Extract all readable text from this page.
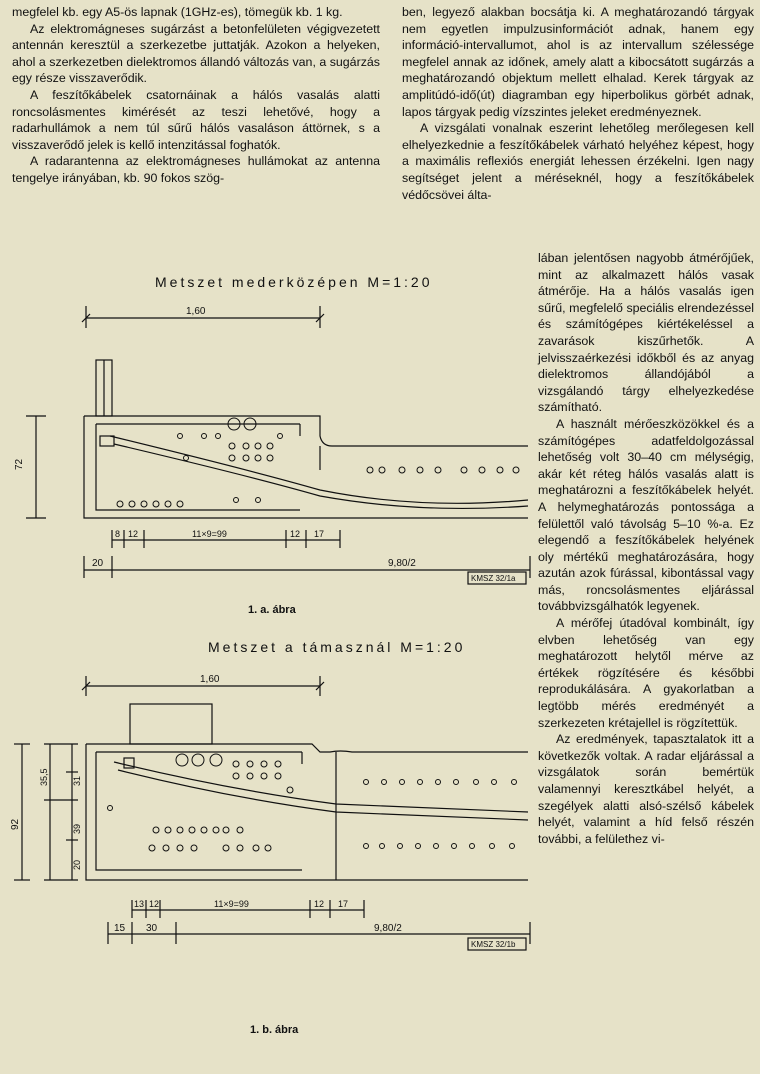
megfelel kb. egy A5-ös lapnak (1GHz-es), tömegük kb. 1 kg.

Az elektromágneses sugárzást a betonfelületen végigvezetett antennán keresztül a szerkezetbe juttatják. Azokon a helyeken, ahol a szerkezetben dielektromos állandó változás van, a sugárzás egy része visszaverődik.

A feszítőkábelek csatornáinak a hálós vasalás alatti roncsolásmentes kimérését az teszi lehetővé, hogy a radarhullámok a nem túl sűrű hálós vasaláson áttörnek, s a visszaverődő jelek is kellő intenzitással foghatók.

A radarantenna az elektromágneses hullámokat az antenna tengelye irányában, kb. 90 fokos szög-

ben, legyező alakban bocsátja ki. A meghatározandó tárgyak nem egyetlen impulzusinformációt adnak, hanem egy információ-intervallumot, ahol is az intervallum szélessége megfelel annak az időnek, amely alatt a kibocsátott sugárzás a meghatározandó objektum mellett elhalad. Kerek tárgyak az amplitúdó-idő(út) diagramban egy hiperbolikus görbét adnak, lapos tárgyak pedig vízszintes jeleket eredményeznek.

A vizsgálati vonalnak eszerint lehetőleg merőlegesen kell elhelyezkednie a feszítőkábelek várható helyéhez képest, hogy a maximális reflexiós energiát lehessen érzékelni. Igen nagy segítséget jelent a méréseknél, hogy a feszítőkábelek védőcsövei álta-

lában jelentősen nagyobb átmérőjűek, mint az alkalmazett hálós vasak átmérője. Ha a hálós vasalás igen sűrű, megfelelő speciális elrendezéssel és számítógépes kiértékeléssel a zavarások kiszűrhetők. A jelvisszaérkezési időkből és az anyag dielektromos állandójából a vizsgálandó tárgy elhelyezkedése számítható.

A használt mérőeszközökkel és a számítógépes adatfeldolgozással lehetőség volt 30–40 cm mélységig, akár két réteg hálós vasalás alatt is meghatározni a feszítőkábelek helyét. A helymeghatározás pontossága a felülettől való távolság 5–10 %-a. Ez elegendő a feszítőkábelek helyének oly mértékű meghatározására, hogy azután azok fúrással, kibontással vagy más, roncsolásmentes eljárással továbbvizsgálhatók legyenek.

A mérőfej útadóval kombinált, így elvben lehetőség van egy meghatározott helytől mérve az értékek rögzítésére és későbbi reprodukálására. A gyakorlatban a legtöbb mérés eredményét a szerkezeten krétajellel is rögzítettük.

Az eredmények, tapasztalatok itt a következők voltak. A radar eljárással a vizsgálatok során bemértük valamennyi keresztkábel helyét, a szegélyek alatti alsó-szélső kábelek helyét, valamint a híd felső részén további, a felülethez vi-

Metszet mederközépen M=1:20
1,60
72
8 12	11×9=99	12 17
20	9,80/2
KMSZ 32/1a
Metszet a támasznál M=1:20
1,60
92
35,5	31
39
20
13 12	11×9=99	12 17
15 30	9,80/2
KMSZ 32/1b
1. a. ábra
1. b. ábra
